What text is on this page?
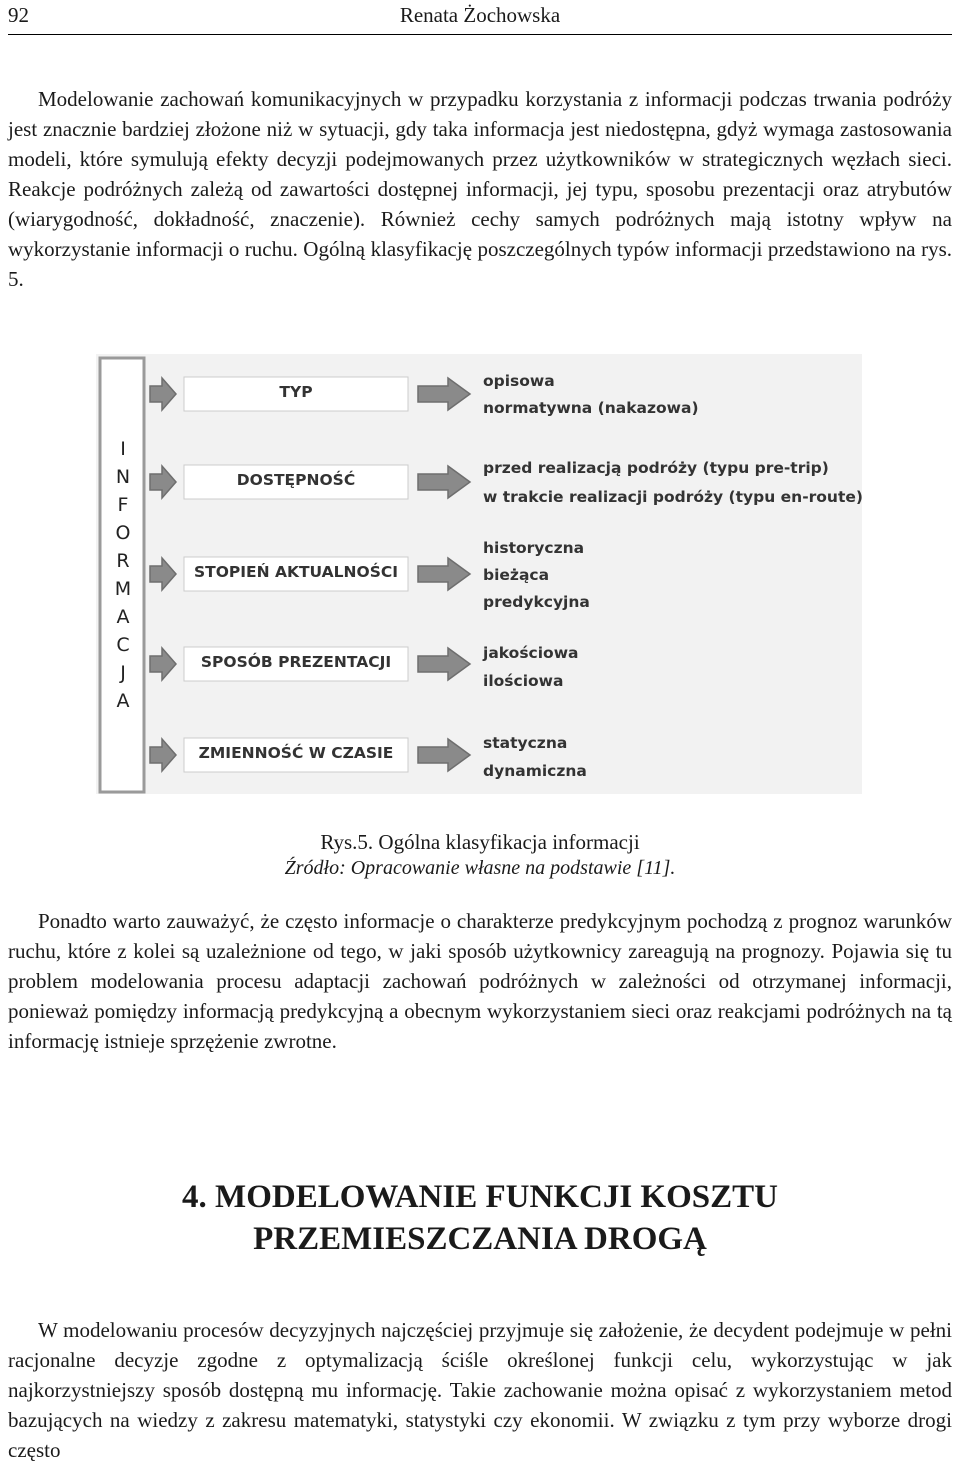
92	Renata Żochowska

Modelowanie zachowań komunikacyjnych w przypadku korzystania z informacji podczas trwania podróży jest znacznie bardziej złożone niż w sytuacji, gdy taka informacja jest niedostępna, gdyż wymaga zastosowania modeli, które symulują efekty decyzji podejmowanych przez użytkowników w strategicznych węzłach sieci. Reakcje podróżnych zależą od zawartości dostępnej informacji, jej typu, sposobu prezentacji oraz atrybutów (wiarygodność, dokładność, znaczenie). Również cechy samych podróżnych mają istotny wpływ na wykorzystanie informacji o ruchu. Ogólną klasyfikację poszczególnych typów informacji przedstawiono na rys. 5.

I
N
F
O
R
M
A
C
J
A
TYP
DOSTĘPNOŚĆ
STOPIEŃ AKTUALNOŚCI
SPOSÓB PREZENTACJI
ZMIENNOŚĆ W CZASIE
opisowa
normatywna (nakazowa)
przed realizacją podróży (typu pre-trip)
w trakcie realizacji podróży (typu en-route)
historyczna
bieżąca
predykcyjna
jakościowa
ilościowa
statyczna
dynamiczna

Rys.5. Ogólna klasyfikacja informacji

Źródło: Opracowanie własne na podstawie [11].

Ponadto warto zauważyć, że często informacje o charakterze predykcyjnym pochodzą z prognoz warunków ruchu, które z kolei są uzależnione od tego, w jaki sposób użytkownicy zareagują na prognozy. Pojawia się tu problem modelowania procesu adaptacji zachowań podróżnych w zależności od otrzymanej informacji, ponieważ pomiędzy informacją predykcyjną a obecnym wykorzystaniem sieci oraz reakcjami podróżnych na tą informację istnieje sprzężenie zwrotne.

4. MODELOWANIE FUNKCJI KOSZTU
PRZEMIESZCZANIA DROGĄ

W modelowaniu procesów decyzyjnych najczęściej przyjmuje się założenie, że decydent podejmuje w pełni racjonalne decyzje zgodne z optymalizacją ściśle określonej funkcji celu, wykorzystując w jak najkorzystniejszy sposób dostępną mu informację. Takie zachowanie można opisać z wykorzystaniem metod bazujących na wiedzy z zakresu matematyki, statystyki czy ekonomii. W związku z tym przy wyborze drogi często
